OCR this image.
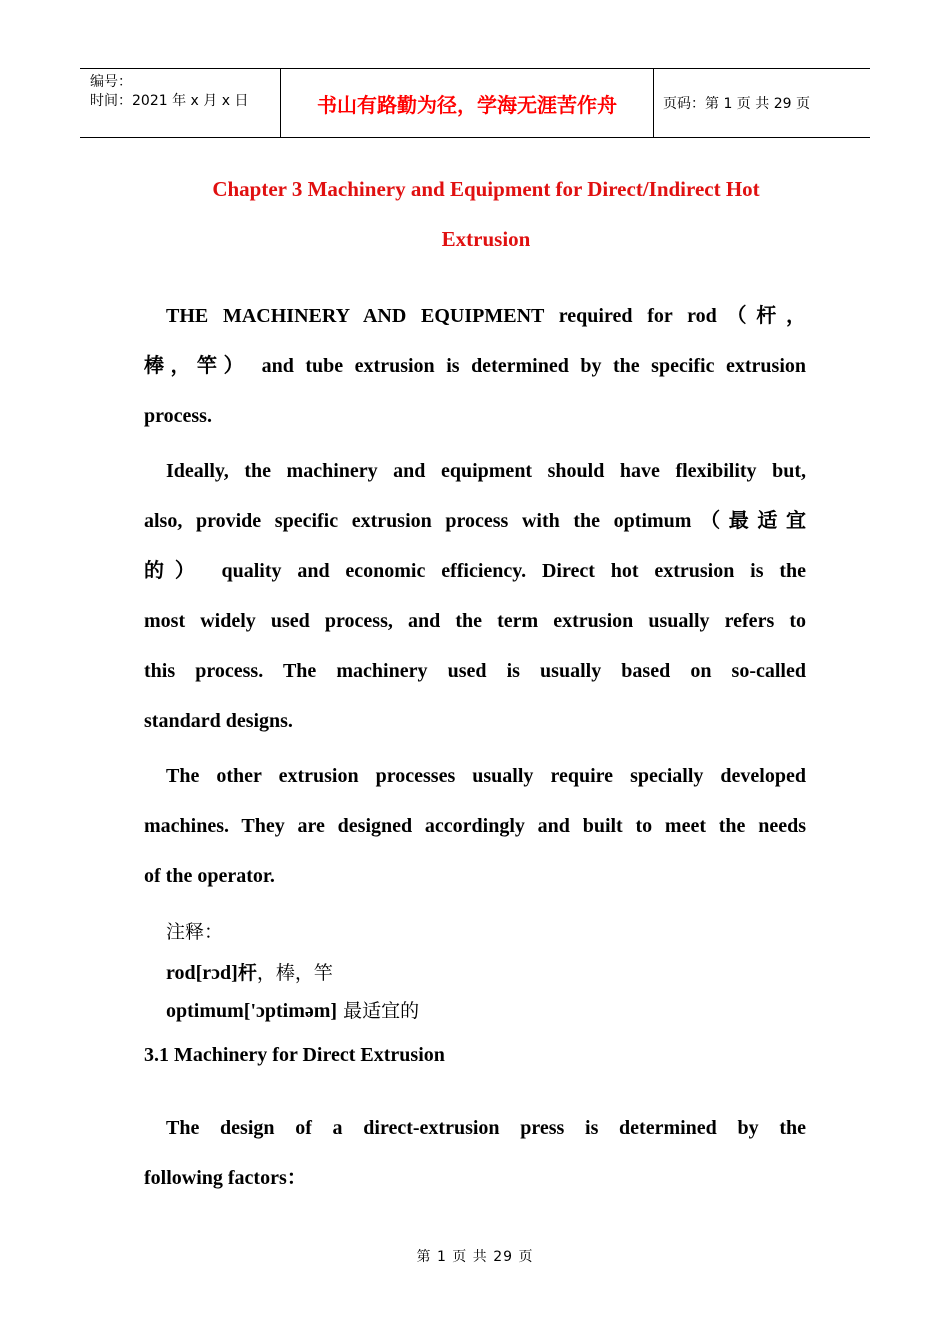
编号：
时间：2021 年 x 月 x 日	书山有路勤为径，学海无涯苦作舟	页码：第 1 页 共 29 页
Chapter 3 Machinery and Equipment for Direct/Indirect Hot
Extrusion
THE MACHINERY AND EQUIPMENT required for rod（杆，
棒，竿） and tube extrusion is determined by the specific extrusion
process.
Ideally, the machinery and equipment should have flexibility but,
also, provide specific extrusion process with the optimum（最适宜
的） quality and economic efficiency. Direct hot extrusion is the
most widely used process, and the term extrusion usually refers to
this process. The machinery used is usually based on so-called
standard designs.
The other extrusion processes usually require specially developed
machines. They are designed accordingly and built to meet the needs
of the operator.
注释：
rod[rɔd]杆，棒，竿
optimum['ɔptiməm] 最适宜的
3.1 Machinery for Direct Extrusion
The design of a direct-extrusion press is determined by the
following factors：
第 1 页 共 29 页
